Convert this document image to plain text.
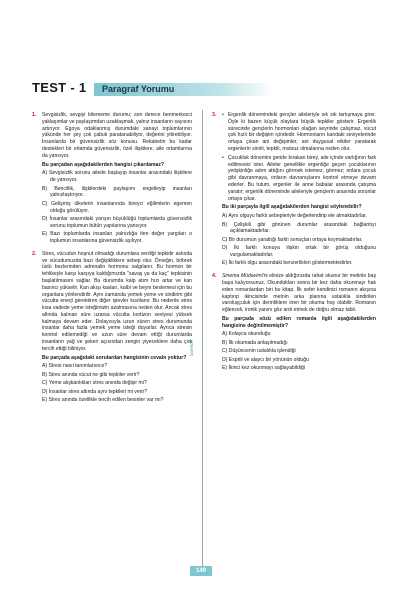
TEST - 1 Paragraf Yorumu
karekök
1. Sevgisizlik, sevgiyi bilememe durumu; son derece benmerkezci yaklaşımlar ve paylaşımdan uzaklaşmak, yalnız insanların sayısını artırıyor. Egoya odaklanmış durumdaki sanayi toplumlarının yükünde her şey çok çabuk paratanabiliyor, değerini yitirebiliyor. İnsanlarda bir güvensizlik söz konusu. Rekabetin bu kadar destekleri bir ortamda güvensizlik, özel ilişkilere, aile ortamlarına da yansıyor.

Bu parçadan aşağıdakilerden hangisi çıkarılamaz?

A) Sevgisizlik sorunu ailede başlayıp insanlar arasındaki ilişkilere de yansıyor.

B) Bencillik, ilişkilerdeki paylaşımı engelleyip insanları yalnızlaştırıyor.

C) Gelişmiş ülkelerin insanlarında bireyci eğilimlerin egemen olduğu görülüyor.

D) İnsanlar arasındaki yarışın büyüklüğü toplumlarda güvensizlik sorunu toplumun bütün yapılarına yansıyor.

E) Bazı toplumlarda insanları yalnızlığa iten değer yargıları o toplumun insanlarına güvensizlik aşılıyor.

2. Stres, vücudun hoşnut olmadığı durumlara verdiği tepkidir aslında ve vücudumuzda bazı değişikliklere sebep olur. Örneğin, böbrek üstü bezlerinden adrenalin hormonu salgılanır. Bu hormon bir tehlikeyle karşı karşıya kaldığımızda "savaş ya da kaç" tepkisinin başlatılmasını sağlar. Bu durumda kalp atım hızı artar ve kan basıncı yükselir. Kan akışı kasları, kalbi ve beyni beslemesi için bu organlara yönlendirilir. Aynı zamanda yemek yeme ve sindirim gibi vücutta enerji gerektiren diğer işlevler kısıtlanır. Bu nedenle stres kısa vadede yeme isteğimizin azalmasına neden olur. Ancak stres altında kalınan süre uzarsa vücutta kortizon seviyesi yüksek kalmaya devam eder. Dolayısıyla uzun süren stres durumunda insanlar daha fazla yemek yeme isteği duyarlar. Ayrıca stresin kontrol edilemediği ve uzun süre devam ettiği durumlarda insanların yağ ve şekeri açısından zengin yiyeceklere daha çok tercih ettiği biliniyor.

Bu parçada aşağıdaki sorulardan hangisinin cevabı yoktur?

A) Stresi nasıl tanımlarsınız?

B) Stres anında vücut ne gibi tepkiler verir?

C) Yeme alışkanlıkları stres anında değişir mi?

D) İnsanlar stres altında aynı tepkileri mi verir?

E) Stres anında özellikle tercih edilen besinler var mı?

3.

•	Ergenlik dönemindeki gençler aileleriyle sık sık tartışmaya girer. Öyle ki bazen küçük olaylara büyük tepkiler gösterir. Ergenlik sürecinde gençlerin hormonları olağan seyrinde çalışmaz, vücut çok hızlı bir değişim içindedir. Hormonların kandaki seviyelerinde ortaya çıkan ani değişimler, ani duygusal etkiler yaratarak ergenlerin sinirli, tepkili, mutsuz olmalarına neden olur.

• Çocukluk dönemini geride bırakan birey, aile içinde varlığının fark edilmesini ister. Aileler genellikle ergenliğe geçen çocuklarının yetişkinliğe adım attığını görmek istemez, görmez; onlara çocuk gibi davranmaya, onların davranışlarını kontrol etmeye devam ederler. Bu tutum, ergenler ile anne babalar arasında çatışma yaratır; ergenlik döneminde aileleriyle gençlerin arasında sorunlar ortaya çıkar.

Bu iki parçayla ilgili aşağıdakilerden hangisi söylenebilir?

A) Aynı olguyu farklı sebepleriyle değerlendirip ele almaktadırlar.

B) Çelişkili gibi görünen durumlar arasındaki bağlantıyı açıklamaktadırlar.

C) Bir durumun yarattığı farklı sonuçları ortaya koymaktadırlar.

D) İki farklı konuya ilişkin ortak bir görüş olduğunu vurgulamaktadırlar.

E) İki farklı olgu arasındaki benzerlikleri göstermektedirler.

4. Sinema Müdavimi'ni elinize aldığınızda rahat okunur bir metinle baş başa kalıyorsunuz. Okundukları sonra bir kez daha okunmayı hak eden romanlardan biri bu kitap. İlk sefer kendinizi romanın akışına kaptırıp ikincisinde metnin arka planına ustalıkla sindirilen varoluşçuluk için derinliklere inen bir okuma hoş olabilir. Romanın eğlenceli, ironik yanını göz ardı etmek de doğru olmaz tabii.

Bu parçada sözü edilen romanla ilgili aşağıdakilerden hangisine değinilmemiştir?

A) Kolayca okunduğu

B) İlk okumada anlaşılmadığı

C) Düşüncenin ustalıkla işlendiği

D) Esprili ve alaycı bir yönünün olduğu

E) İkinci kez okunmayı sağlayabildiği

149
